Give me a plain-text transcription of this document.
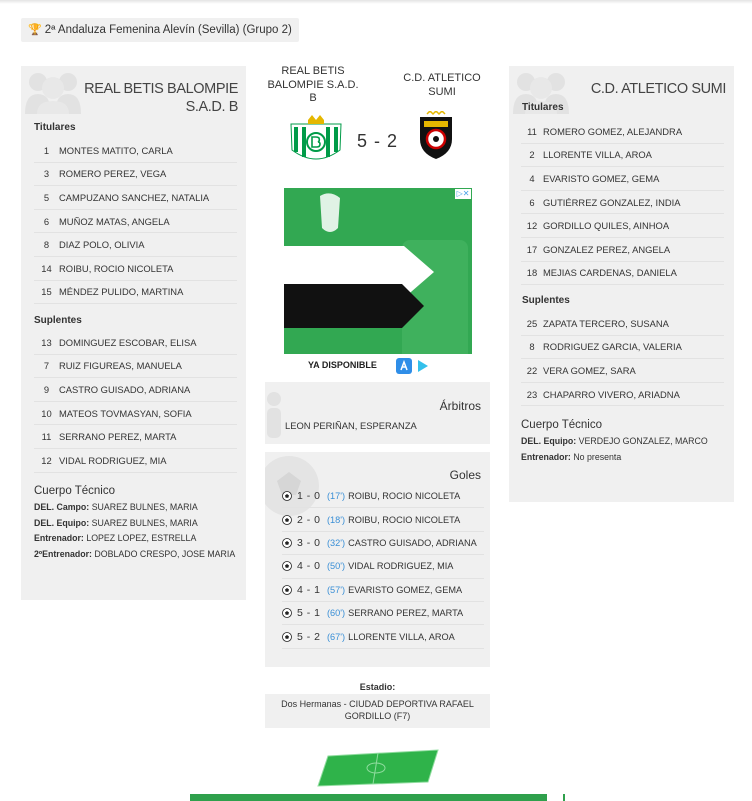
🏆 2ª Andaluza Femenina Alevín (Sevilla) (Grupo 2)
REAL BETIS BALOMPIE S.A.D. B
Titulares
1	MONTES MATITO, CARLA
3	ROMERO PEREZ, VEGA
5	CAMPUZANO SANCHEZ, NATALIA
6	MUÑOZ MATAS, ANGELA
8	DIAZ POLO, OLIVIA
14 ROIBU, ROCIO NICOLETA
15 MÉNDEZ PULIDO, MARTINA
Suplentes
13 DOMINGUEZ ESCOBAR, ELISA
7	RUIZ FIGUREAS, MANUELA
9	CASTRO GUISADO, ADRIANA
10 MATEOS TOVMASYAN, SOFIA
11 SERRANO PEREZ, MARTA
12 VIDAL RODRIGUEZ, MIA
Cuerpo Técnico
DEL. Campo: SUAREZ BULNES, MARIA
DEL. Equipo: SUAREZ BULNES, MARIA
Entrenador: LOPEZ LOPEZ, ESTRELLA
2ºEntrenador: DOBLADO CRESPO, JOSE MARIA
C.D. ATLETICO SUMI
Titulares
11 ROMERO GOMEZ, ALEJANDRA
2 LLORENTE VILLA, AROA
4 EVARISTO GOMEZ, GEMA
6 GUTIÉRREZ GONZALEZ, INDIA
12 GORDILLO QUILES, AINHOA
17 GONZALEZ PEREZ, ANGELA
18 MEJIAS CARDENAS, DANIELA
Suplentes
25 ZAPATA TERCERO, SUSANA
8 RODRIGUEZ GARCIA, VALERIA
22 VERA GOMEZ, SARA
23 CHAPARRO VIVERO, ARIADNA
Cuerpo Técnico
DEL. Equipo: VERDEJO GONZALEZ, MARCO
Entrenador: No presenta
REAL BETIS BALOMPIE S.A.D. B
C.D. ATLETICO SUMI
5 - 2
▷✕
YA DISPONIBLE
Árbitros
LEON PERIÑAN, ESPERANZA
Goles
1 - 0 (17') ROIBU, ROCIO NICOLETA
2 - 0 (18') ROIBU, ROCIO NICOLETA
3 - 0 (32') CASTRO GUISADO, ADRIANA
4 - 0 (50') VIDAL RODRIGUEZ, MIA
4 - 1 (57') EVARISTO GOMEZ, GEMA
5 - 1 (60') SERRANO PEREZ, MARTA
5 - 2 (67') LLORENTE VILLA, AROA
Estadio:
Dos Hermanas - CIUDAD DEPORTIVA RAFAEL GORDILLO (F7)
